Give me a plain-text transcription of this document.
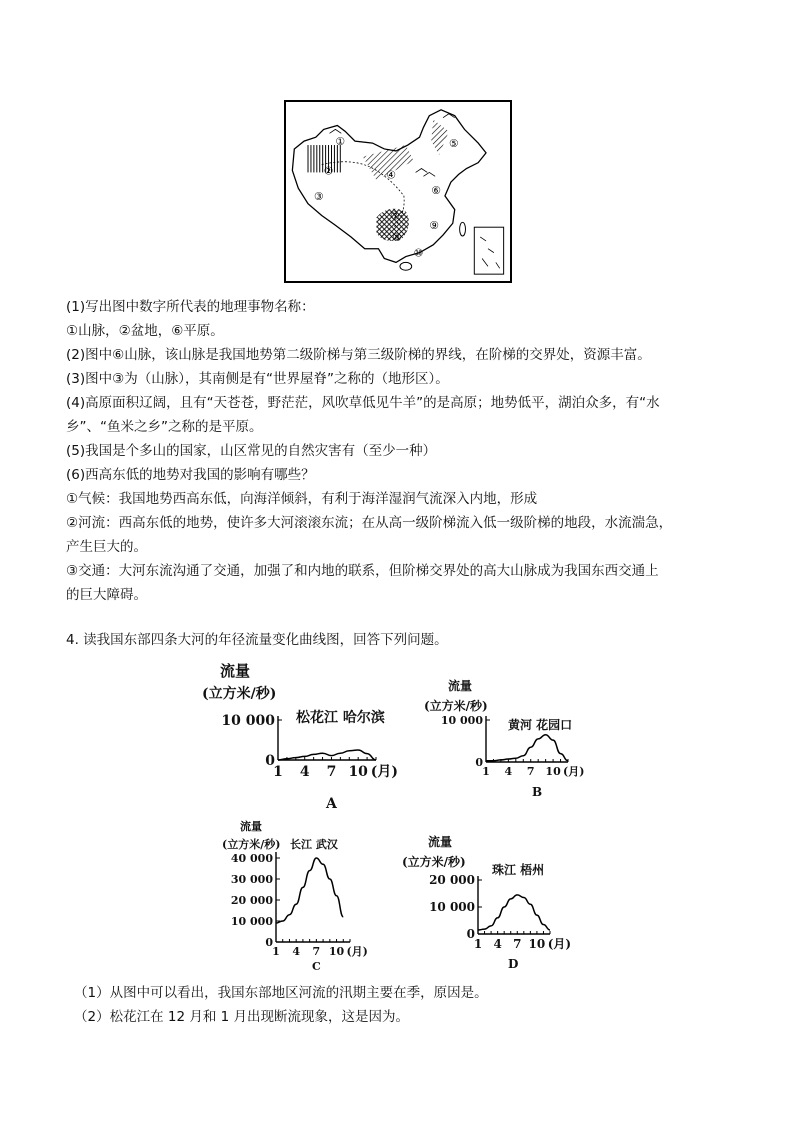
①
②
③
④
⑤
⑥
⑦
⑧
⑨
⑩
(1)写出图中数字所代表的地理事物名称：
①山脉，②盆地，⑥平原。
(2)图中⑥山脉，该山脉是我国地势第二级阶梯与第三级阶梯的界线，在阶梯的交界处，资源丰富。
(3)图中③为（山脉），其南侧是有“世界屋脊”之称的（地形区）。
(4)高原面积辽阔，且有“天苍苍，野茫茫，风吹草低见牛羊”的是高原；地势低平，湖泊众多，有“水
乡”、“鱼米之乡”之称的是平原。
(5)我国是个多山的国家，山区常见的自然灾害有（至少一种）
(6)西高东低的地势对我国的影响有哪些？
①气候：我国地势西高东低，向海洋倾斜，有利于海洋湿润气流深入内地，形成
②河流：西高东低的地势，使许多大河滚滚东流；在从高一级阶梯流入低一级阶梯的地段，水流湍急，
产生巨大的。
③交通：大河东流沟通了交通，加强了和内地的联系，但阶梯交界处的高大山脉成为我国东西交通上
的巨大障碍。
4. 读我国东部四条大河的年径流量变化曲线图，回答下列问题。
流量
(立方米/秒)
松花江 哈尔滨
A
1 4 7 10 (月)
10 000
0
流量
(立方米/秒)
黄河 花园口
B
1 4 7 10 (月)
10 000
0
流量
(立方米/秒) 长江 武汉
C
1 4 7 10 (月)
40 000
30 000
20 000
10 000
0
流量
(立方米/秒)
珠江 梧州
D
1 4 7 10 (月)
20 000
10 000
0
（1）从图中可以看出，我国东部地区河流的汛期主要在季，原因是。
（2）松花江在 12 月和 1 月出现断流现象，这是因为。
